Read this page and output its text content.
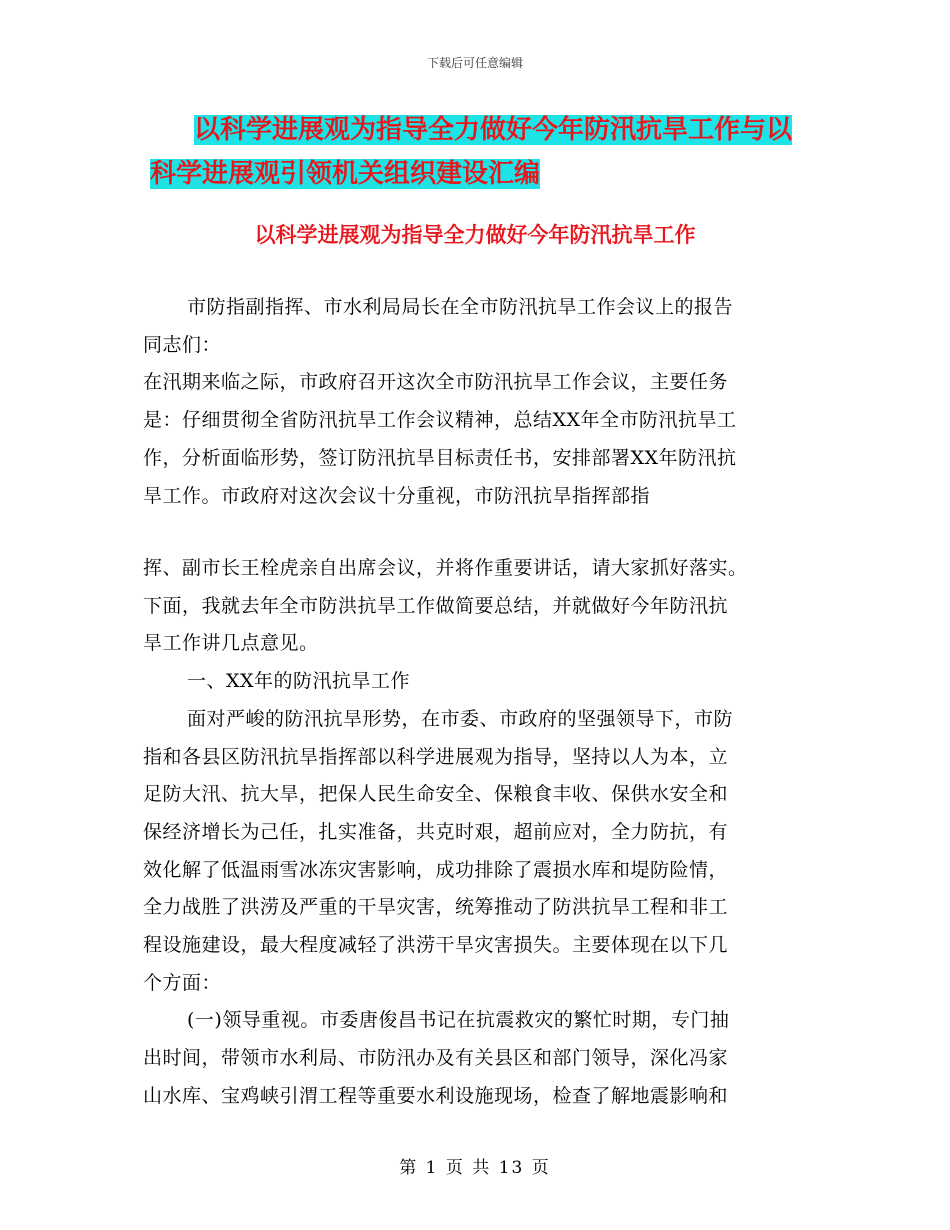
下载后可任意编辑
以科学进展观为指导全力做好今年防汛抗旱工作与以
科学进展观引领机关组织建设汇编
以科学进展观为指导全力做好今年防汛抗旱工作

市防指副指挥、市水利局局长在全市防汛抗旱工作会议上的报告

同志们：

在汛期来临之际，市政府召开这次全市防汛抗旱工作会议，主要任务

是：仔细贯彻全省防汛抗旱工作会议精神，总结XX年全市防汛抗旱工

作，分析面临形势，签订防汛抗旱目标责任书，安排部署XX年防汛抗

旱工作。市政府对这次会议十分重视，市防汛抗旱指挥部指

挥、副市长王栓虎亲自出席会议，并将作重要讲话，请大家抓好落实。

下面，我就去年全市防洪抗旱工作做简要总结，并就做好今年防汛抗

旱工作讲几点意见。

一、XX年的防汛抗旱工作

面对严峻的防汛抗旱形势，在市委、市政府的坚强领导下，市防

指和各县区防汛抗旱指挥部以科学进展观为指导，坚持以人为本，立

足防大汛、抗大旱，把保人民生命安全、保粮食丰收、保供水安全和

保经济增长为己任，扎实准备，共克时艰，超前应对，全力防抗，有

效化解了低温雨雪冰冻灾害影响，成功排除了震损水库和堤防险情，

全力战胜了洪涝及严重的干旱灾害，统筹推动了防洪抗旱工程和非工

程设施建设，最大程度减轻了洪涝干旱灾害损失。主要体现在以下几

个方面：

(一)领导重视。市委唐俊昌书记在抗震救灾的繁忙时期，专门抽

出时间，带领市水利局、市防汛办及有关县区和部门领导，深化冯家

山水库、宝鸡峡引渭工程等重要水利设施现场，检查了解地震影响和

第 1 页 共 13 页
